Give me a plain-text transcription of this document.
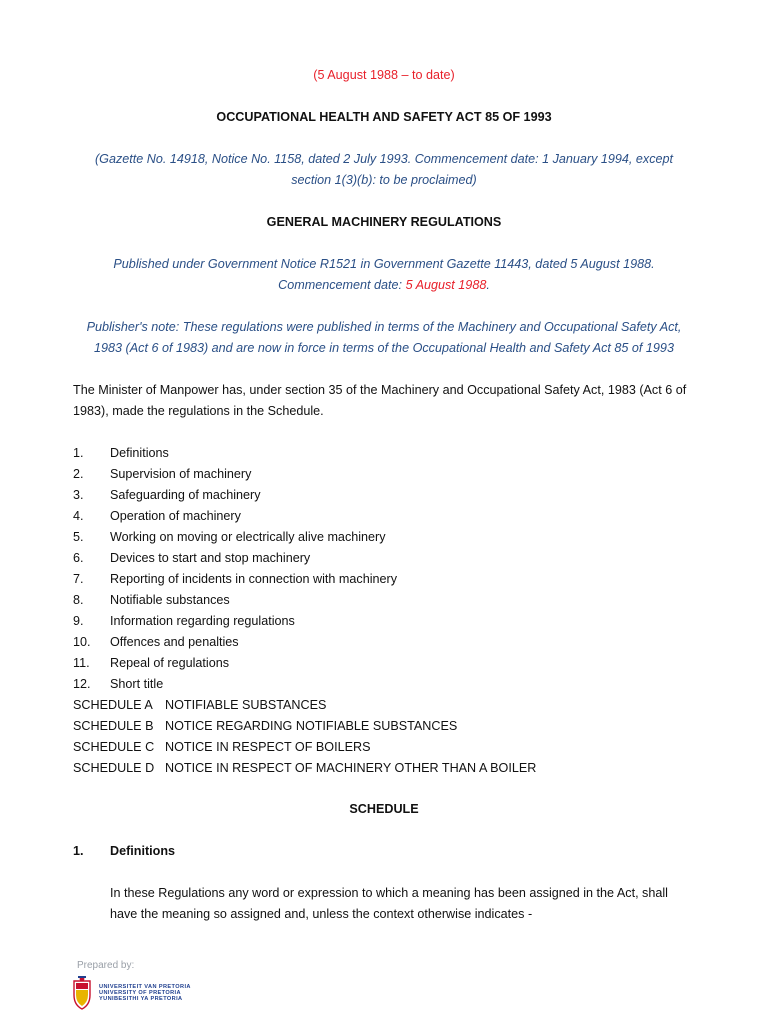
(5 August 1988 – to date)
OCCUPATIONAL HEALTH AND SAFETY ACT 85 OF 1993
(Gazette No. 14918, Notice No. 1158, dated 2 July 1993. Commencement date: 1 January 1994, except
section 1(3)(b): to be proclaimed)
GENERAL MACHINERY REGULATIONS
Published under Government Notice R1521 in Government Gazette 11443, dated 5 August 1988.
Commencement date: 5 August 1988.
Publisher's note: These regulations were published in terms of the Machinery and Occupational Safety Act,
1983 (Act 6 of 1983) and are now in force in terms of the Occupational Health and Safety Act 85 of 1993
The Minister of Manpower has, under section 35 of the Machinery and Occupational Safety Act, 1983 (Act 6 of 1983), made the regulations in the Schedule.
1. Definitions
2. Supervision of machinery
3. Safeguarding of machinery
4. Operation of machinery
5. Working on moving or electrically alive machinery
6. Devices to start and stop machinery
7. Reporting of incidents in connection with machinery
8. Notifiable substances
9. Information regarding regulations
10. Offences and penalties
11. Repeal of regulations
12. Short title
SCHEDULE A NOTIFIABLE SUBSTANCES
SCHEDULE B NOTICE REGARDING NOTIFIABLE SUBSTANCES
SCHEDULE C NOTICE IN RESPECT OF BOILERS
SCHEDULE D NOTICE IN RESPECT OF MACHINERY OTHER THAN A BOILER
SCHEDULE
1. Definitions
In these Regulations any word or expression to which a meaning has been assigned in the Act, shall have the meaning so assigned and, unless the context otherwise indicates -
Prepared by:
UNIVERSITEIT VAN PRETORIA
UNIVERSITY OF PRETORIA
YUNIBESITHI YA PRETORIA
